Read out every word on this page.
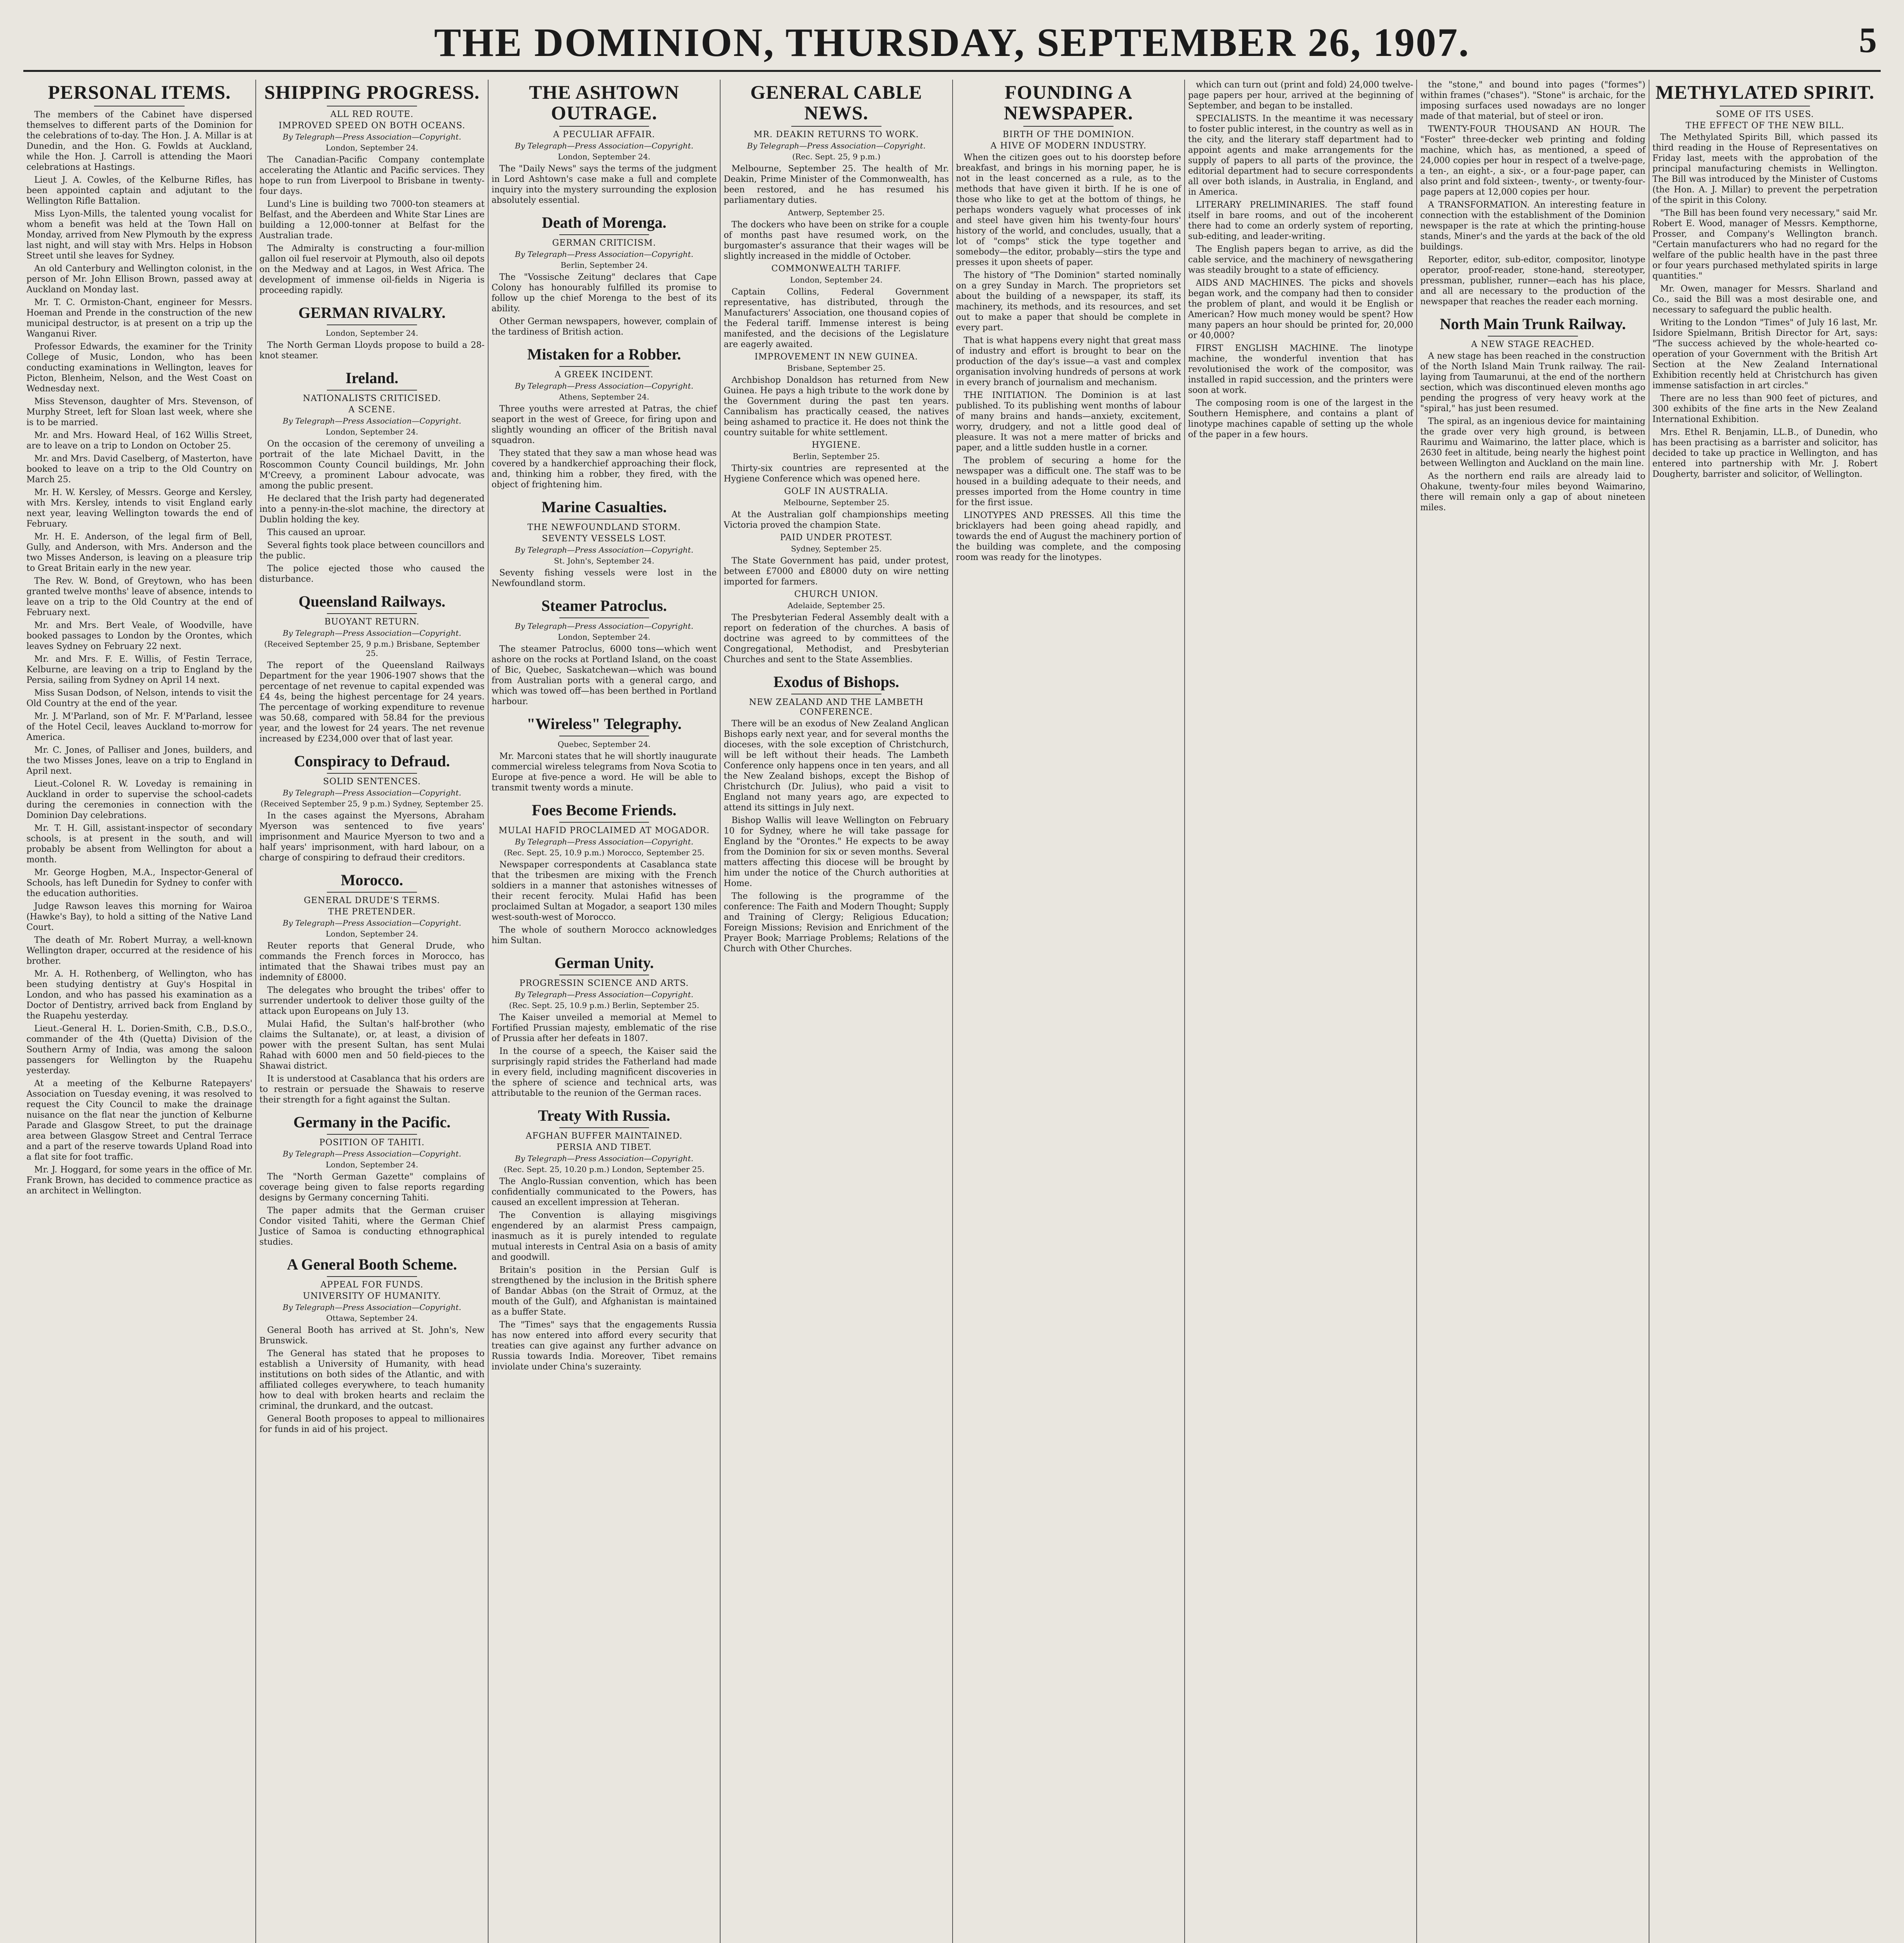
THE DOMINION, THURSDAY, SEPTEMBER 26, 1907.	5
PERSONAL ITEMS.

The members of the Cabinet have dispersed themselves to different parts of the Dominion for the celebrations of to-day. The Hon. J. A. Millar is at Dunedin, and the Hon. G. Fowlds at Auckland, while the Hon. J. Carroll is attending the Maori celebrations at Hastings.

Lieut J. A. Cowles, of the Kelburne Rifles, has been appointed captain and adjutant to the Wellington Rifle Battalion.

Miss Lyon-Mills, the talented young vocalist for whom a benefit was held at the Town Hall on Monday, arrived from New Plymouth by the express last night, and will stay with Mrs. Helps in Hobson Street until she leaves for Sydney.

An old Canterbury and Wellington colonist, in the person of Mr. John Ellison Brown, passed away at Auckland on Monday last.

Mr. T. C. Ormiston-Chant, engineer for Messrs. Hoeman and Prende in the construction of the new municipal destructor, is at present on a trip up the Wanganui River.

Professor Edwards, the examiner for the Trinity College of Music, London, who has been conducting examinations in Wellington, leaves for Picton, Blenheim, Nelson, and the West Coast on Wednesday next.

Miss Stevenson, daughter of Mrs. Stevenson, of Murphy Street, left for Sloan last week, where she is to be married.

Mr. and Mrs. Howard Heal, of 162 Willis Street, are to leave on a trip to London on October 25.

Mr. and Mrs. David Caselberg, of Masterton, have booked to leave on a trip to the Old Country on March 25.

Mr. H. W. Kersley, of Messrs. George and Kersley, with Mrs. Kersley, intends to visit England early next year, leaving Wellington towards the end of February.

Mr. H. E. Anderson, of the legal firm of Bell, Gully, and Anderson, with Mrs. Anderson and the two Misses Anderson, is leaving on a pleasure trip to Great Britain early in the new year.

The Rev. W. Bond, of Greytown, who has been granted twelve months' leave of absence, intends to leave on a trip to the Old Country at the end of February next.

Mr. and Mrs. Bert Veale, of Woodville, have booked passages to London by the Orontes, which leaves Sydney on February 22 next.

Mr. and Mrs. F. E. Willis, of Festin Terrace, Kelburne, are leaving on a trip to England by the Persia, sailing from Sydney on April 14 next.

Miss Susan Dodson, of Nelson, intends to visit the Old Country at the end of the year.

Mr. J. M'Parland, son of Mr. F. M'Parland, lessee of the Hotel Cecil, leaves Auckland to-morrow for America.

Mr. C. Jones, of Palliser and Jones, builders, and the two Misses Jones, leave on a trip to England in April next.

Lieut.-Colonel R. W. Loveday is remaining in Auckland in order to supervise the school-cadets during the ceremonies in connection with the Dominion Day celebrations.

Mr. T. H. Gill, assistant-inspector of secondary schools, is at present in the south, and will probably be absent from Wellington for about a month.

Mr. George Hogben, M.A., Inspector-General of Schools, has left Dunedin for Sydney to confer with the education authorities.

Judge Rawson leaves this morning for Wairoa (Hawke's Bay), to hold a sitting of the Native Land Court.

The death of Mr. Robert Murray, a well-known Wellington draper, occurred at the residence of his brother.

Mr. A. H. Rothenberg, of Wellington, who has been studying dentistry at Guy's Hospital in London, and who has passed his examination as a Doctor of Dentistry, arrived back from England by the Ruapehu yesterday.

Lieut.-General H. L. Dorien-Smith, C.B., D.S.O., commander of the 4th (Quetta) Division of the Southern Army of India, was among the saloon passengers for Wellington by the Ruapehu yesterday.

At a meeting of the Kelburne Ratepayers' Association on Tuesday evening, it was resolved to request the City Council to make the drainage nuisance on the flat near the junction of Kelburne Parade and Glasgow Street, to put the drainage area between Glasgow Street and Central Terrace and a part of the reserve towards Upland Road into a flat site for foot traffic.

Mr. J. Hoggard, for some years in the office of Mr. Frank Brown, has decided to commence practice as an architect in Wellington.

SHIPPING PROGRESS.
ALL RED ROUTE.
IMPROVED SPEED ON BOTH OCEANS.
By Telegraph—Press Association—Copyright.
London, September 24.

The Canadian-Pacific Company contemplate accelerating the Atlantic and Pacific services. They hope to run from Liverpool to Brisbane in twenty-four days.

Lund's Line is building two 7000-ton steamers at Belfast, and the Aberdeen and White Star Lines are building a 12,000-tonner at Belfast for the Australian trade.

The Admiralty is constructing a four-million gallon oil fuel reservoir at Plymouth, also oil depots on the Medway and at Lagos, in West Africa. The development of immense oil-fields in Nigeria is proceeding rapidly.

GERMAN RIVALRY.
London, September 24.

The North German Lloyds propose to build a 28-knot steamer.

Ireland.
NATIONALISTS CRITICISED.
A SCENE.
By Telegraph—Press Association—Copyright.
London, September 24.

On the occasion of the ceremony of unveiling a portrait of the late Michael Davitt, in the Roscommon County Council buildings, Mr. John M'Creevy, a prominent Labour advocate, was among the public present.

He declared that the Irish party had degenerated into a penny-in-the-slot machine, the directory at Dublin holding the key.

This caused an uproar.

Several fights took place between councillors and the public.

The police ejected those who caused the disturbance.

Queensland Railways.
BUOYANT RETURN.
By Telegraph—Press Association—Copyright.
(Received September 25, 9 p.m.) Brisbane, September 25.

The report of the Queensland Railways Department for the year 1906-1907 shows that the percentage of net revenue to capital expended was £4 4s, being the highest percentage for 24 years. The percentage of working expenditure to revenue was 50.68, compared with 58.84 for the previous year, and the lowest for 24 years. The net revenue increased by £234,000 over that of last year.

Conspiracy to Defraud.
SOLID SENTENCES.
By Telegraph—Press Association—Copyright.
(Received September 25, 9 p.m.) Sydney, September 25.

In the cases against the Myersons, Abraham Myerson was sentenced to five years' imprisonment and Maurice Myerson to two and a half years' imprisonment, with hard labour, on a charge of conspiring to defraud their creditors.

Morocco.
GENERAL DRUDE'S TERMS.
THE PRETENDER.
By Telegraph—Press Association—Copyright.
London, September 24.

Reuter reports that General Drude, who commands the French forces in Morocco, has intimated that the Shawai tribes must pay an indemnity of £8000.

The delegates who brought the tribes' offer to surrender undertook to deliver those guilty of the attack upon Europeans on July 13.

Mulai Hafid, the Sultan's half-brother (who claims the Sultanate), or, at least, a division of power with the present Sultan, has sent Mulai Rahad with 6000 men and 50 field-pieces to the Shawai district.

It is understood at Casablanca that his orders are to restrain or persuade the Shawais to reserve their strength for a fight against the Sultan.

Germany in the Pacific.
POSITION OF TAHITI.
By Telegraph—Press Association—Copyright.
London, September 24.

The "North German Gazette" complains of coverage being given to false reports regarding designs by Germany concerning Tahiti.

The paper admits that the German cruiser Condor visited Tahiti, where the German Chief Justice of Samoa is conducting ethnographical studies.

A General Booth Scheme.
APPEAL FOR FUNDS.
UNIVERSITY OF HUMANITY.
By Telegraph—Press Association—Copyright.
Ottawa, September 24.

General Booth has arrived at St. John's, New Brunswick.

The General has stated that he proposes to establish a University of Humanity, with head institutions on both sides of the Atlantic, and with affiliated colleges everywhere, to teach humanity how to deal with broken hearts and reclaim the criminal, the drunkard, and the outcast.

General Booth proposes to appeal to millionaires for funds in aid of his project.

THE ASHTOWN OUTRAGE.
A PECULIAR AFFAIR.
By Telegraph—Press Association—Copyright.
London, September 24.

The "Daily News" says the terms of the judgment in Lord Ashtown's case make a full and complete inquiry into the mystery surrounding the explosion absolutely essential.

Death of Morenga.
GERMAN CRITICISM.
By Telegraph—Press Association—Copyright.
Berlin, September 24.

The "Vossische Zeitung" declares that Cape Colony has honourably fulfilled its promise to follow up the chief Morenga to the best of its ability.

Other German newspapers, however, complain of the tardiness of British action.

Mistaken for a Robber.
A GREEK INCIDENT.
By Telegraph—Press Association—Copyright.
Athens, September 24.

Three youths were arrested at Patras, the chief seaport in the west of Greece, for firing upon and slightly wounding an officer of the British naval squadron.

They stated that they saw a man whose head was covered by a handkerchief approaching their flock, and, thinking him a robber, they fired, with the object of frightening him.

Marine Casualties.
THE NEWFOUNDLAND STORM.
SEVENTY VESSELS LOST.
By Telegraph—Press Association—Copyright.
St. John's, September 24.

Seventy fishing vessels were lost in the Newfoundland storm.

Steamer Patroclus.
By Telegraph—Press Association—Copyright.
London, September 24.

The steamer Patroclus, 6000 tons—which went ashore on the rocks at Portland Island, on the coast of Bic, Quebec, Saskatchewan—which was bound from Australian ports with a general cargo, and which was towed off—has been berthed in Portland harbour.

"Wireless" Telegraphy.
Quebec, September 24.

Mr. Marconi states that he will shortly inaugurate commercial wireless telegrams from Nova Scotia to Europe at five-pence a word. He will be able to transmit twenty words a minute.

Foes Become Friends.
MULAI HAFID PROCLAIMED AT MOGADOR.
By Telegraph—Press Association—Copyright.
(Rec. Sept. 25, 10.9 p.m.) Morocco, September 25.

Newspaper correspondents at Casablanca state that the tribesmen are mixing with the French soldiers in a manner that astonishes witnesses of their recent ferocity. Mulai Hafid has been proclaimed Sultan at Mogador, a seaport 130 miles west-south-west of Morocco.

The whole of southern Morocco acknowledges him Sultan.

German Unity.
PROGRESSIN SCIENCE AND ARTS.
By Telegraph—Press Association—Copyright.
(Rec. Sept. 25, 10.9 p.m.) Berlin, September 25.

The Kaiser unveiled a memorial at Memel to Fortified Prussian majesty, emblematic of the rise of Prussia after her defeats in 1807.

In the course of a speech, the Kaiser said the surprisingly rapid strides the Fatherland had made in every field, including magnificent discoveries in the sphere of science and technical arts, was attributable to the reunion of the German races.

Treaty With Russia.
AFGHAN BUFFER MAINTAINED.
PERSIA AND TIBET.
By Telegraph—Press Association—Copyright.
(Rec. Sept. 25, 10.20 p.m.) London, September 25.

The Anglo-Russian convention, which has been confidentially communicated to the Powers, has caused an excellent impression at Teheran.

The Convention is allaying misgivings engendered by an alarmist Press campaign, inasmuch as it is purely intended to regulate mutual interests in Central Asia on a basis of amity and goodwill.

Britain's position in the Persian Gulf is strengthened by the inclusion in the British sphere of Bandar Abbas (on the Strait of Ormuz, at the mouth of the Gulf), and Afghanistan is maintained as a buffer State.

The "Times" says that the engagements Russia has now entered into afford every security that treaties can give against any further advance on Russia towards India. Moreover, Tibet remains inviolate under China's suzerainty.

GENERAL CABLE NEWS.
MR. DEAKIN RETURNS TO WORK.
By Telegraph—Press Association—Copyright.
(Rec. Sept. 25, 9 p.m.)

Melbourne, September 25. The health of Mr. Deakin, Prime Minister of the Commonwealth, has been restored, and he has resumed his parliamentary duties.

Antwerp, September 25.

The dockers who have been on strike for a couple of months past have resumed work, on the burgomaster's assurance that their wages will be slightly increased in the middle of October.

COMMONWEALTH TARIFF.
London, September 24.

Captain Collins, Federal Government representative, has distributed, through the Manufacturers' Association, one thousand copies of the Federal tariff. Immense interest is being manifested, and the decisions of the Legislature are eagerly awaited.

IMPROVEMENT IN NEW GUINEA.
Brisbane, September 25.

Archbishop Donaldson has returned from New Guinea. He pays a high tribute to the work done by the Government during the past ten years. Cannibalism has practically ceased, the natives being ashamed to practice it. He does not think the country suitable for white settlement.

HYGIENE.
Berlin, September 25.

Thirty-six countries are represented at the Hygiene Conference which was opened here.

GOLF IN AUSTRALIA.
Melbourne, September 25.

At the Australian golf championships meeting Victoria proved the champion State.

PAID UNDER PROTEST.
Sydney, September 25.

The State Government has paid, under protest, between £7000 and £8000 duty on wire netting imported for farmers.

CHURCH UNION.
Adelaide, September 25.

The Presbyterian Federal Assembly dealt with a report on federation of the churches. A basis of doctrine was agreed to by committees of the Congregational, Methodist, and Presbyterian Churches and sent to the State Assemblies.

Exodus of Bishops.
NEW ZEALAND AND THE LAMBETH CONFERENCE.

There will be an exodus of New Zealand Anglican Bishops early next year, and for several months the dioceses, with the sole exception of Christchurch, will be left without their heads. The Lambeth Conference only happens once in ten years, and all the New Zealand bishops, except the Bishop of Christchurch (Dr. Julius), who paid a visit to England not many years ago, are expected to attend its sittings in July next.

Bishop Wallis will leave Wellington on February 10 for Sydney, where he will take passage for England by the "Orontes." He expects to be away from the Dominion for six or seven months. Several matters affecting this diocese will be brought by him under the notice of the Church authorities at Home.

The following is the programme of the conference: The Faith and Modern Thought; Supply and Training of Clergy; Religious Education; Foreign Missions; Revision and Enrichment of the Prayer Book; Marriage Problems; Relations of the Church with Other Churches.

FOUNDING A NEWSPAPER.
BIRTH OF THE DOMINION.
A HIVE OF MODERN INDUSTRY.

When the citizen goes out to his doorstep before breakfast, and brings in his morning paper, he is not in the least concerned as a rule, as to the methods that have given it birth. If he is one of those who like to get at the bottom of things, he perhaps wonders vaguely what processes of ink and steel have given him his twenty-four hours' history of the world, and concludes, usually, that a lot of "comps" stick the type together and somebody—the editor, probably—stirs the type and presses it upon sheets of paper.

The history of "The Dominion" started nominally on a grey Sunday in March. The proprietors set about the building of a newspaper, its staff, its machinery, its methods, and its resources, and set out to make a paper that should be complete in every part.

That is what happens every night that great mass of industry and effort is brought to bear on the production of the day's issue—a vast and complex organisation involving hundreds of persons at work in every branch of journalism and mechanism.

THE INITIATION. The Dominion is at last published. To its publishing went months of labour of many brains and hands—anxiety, excitement, worry, drudgery, and not a little good deal of pleasure. It was not a mere matter of bricks and paper, and a little sudden hustle in a corner.

The problem of securing a home for the newspaper was a difficult one. The staff was to be housed in a building adequate to their needs, and presses imported from the Home country in time for the first issue.

LINOTYPES AND PRESSES. All this time the bricklayers had been going ahead rapidly, and towards the end of August the machinery portion of the building was complete, and the composing room was ready for the linotypes.

which can turn out (print and fold) 24,000 twelve-page papers per hour, arrived at the beginning of September, and began to be installed.

SPECIALISTS. In the meantime it was necessary to foster public interest, in the country as well as in the city, and the literary staff department had to appoint agents and make arrangements for the supply of papers to all parts of the province, the editorial department had to secure correspondents all over both islands, in Australia, in England, and in America.

LITERARY PRELIMINARIES. The staff found itself in bare rooms, and out of the incoherent there had to come an orderly system of reporting, sub-editing, and leader-writing.

The English papers began to arrive, as did the cable service, and the machinery of newsgathering was steadily brought to a state of efficiency.

AIDS AND MACHINES. The picks and shovels began work, and the company had then to consider the problem of plant, and would it be English or American? How much money would be spent? How many papers an hour should be printed for, 20,000 or 40,000?

FIRST ENGLISH MACHINE. The linotype machine, the wonderful invention that has revolutionised the work of the compositor, was installed in rapid succession, and the printers were soon at work.

The composing room is one of the largest in the Southern Hemisphere, and contains a plant of linotype machines capable of setting up the whole of the paper in a few hours.

the "stone," and bound into pages ("formes") within frames ("chases"). "Stone" is archaic, for the imposing surfaces used nowadays are no longer made of that material, but of steel or iron.

TWENTY-FOUR THOUSAND AN HOUR. The "Foster" three-decker web printing and folding machine, which has, as mentioned, a speed of 24,000 copies per hour in respect of a twelve-page, a ten-, an eight-, a six-, or a four-page paper, can also print and fold sixteen-, twenty-, or twenty-four-page papers at 12,000 copies per hour.

A TRANSFORMATION. An interesting feature in connection with the establishment of the Dominion newspaper is the rate at which the printing-house stands, Miner's and the yards at the back of the old buildings.

Reporter, editor, sub-editor, compositor, linotype operator, proof-reader, stone-hand, stereotyper, pressman, publisher, runner—each has his place, and all are necessary to the production of the newspaper that reaches the reader each morning.

North Main Trunk Railway.
A NEW STAGE REACHED.

A new stage has been reached in the construction of the North Island Main Trunk railway. The rail-laying from Taumarunui, at the end of the northern section, which was discontinued eleven months ago pending the progress of very heavy work at the "spiral," has just been resumed.

The spiral, as an ingenious device for maintaining the grade over very high ground, is between Raurimu and Waimarino, the latter place, which is 2630 feet in altitude, being nearly the highest point between Wellington and Auckland on the main line.

As the northern end rails are already laid to Ohakune, twenty-four miles beyond Waimarino, there will remain only a gap of about nineteen miles.

METHYLATED SPIRIT.
SOME OF ITS USES.
THE EFFECT OF THE NEW BILL.

The Methylated Spirits Bill, which passed its third reading in the House of Representatives on Friday last, meets with the approbation of the principal manufacturing chemists in Wellington. The Bill was introduced by the Minister of Customs (the Hon. A. J. Millar) to prevent the perpetration of the spirit in this Colony.

"The Bill has been found very necessary," said Mr. Robert E. Wood, manager of Messrs. Kempthorne, Prosser, and Company's Wellington branch. "Certain manufacturers who had no regard for the welfare of the public health have in the past three or four years purchased methylated spirits in large quantities."

Mr. Owen, manager for Messrs. Sharland and Co., said the Bill was a most desirable one, and necessary to safeguard the public health.

Writing to the London "Times" of July 16 last, Mr. Isidore Spielmann, British Director for Art, says: "The success achieved by the whole-hearted co-operation of your Government with the British Art Section at the New Zealand International Exhibition recently held at Christchurch has given immense satisfaction in art circles."

There are no less than 900 feet of pictures, and 300 exhibits of the fine arts in the New Zealand International Exhibition.

Mrs. Ethel R. Benjamin, LL.B., of Dunedin, who has been practising as a barrister and solicitor, has decided to take up practice in Wellington, and has entered into partnership with Mr. J. Robert Dougherty, barrister and solicitor, of Wellington.
